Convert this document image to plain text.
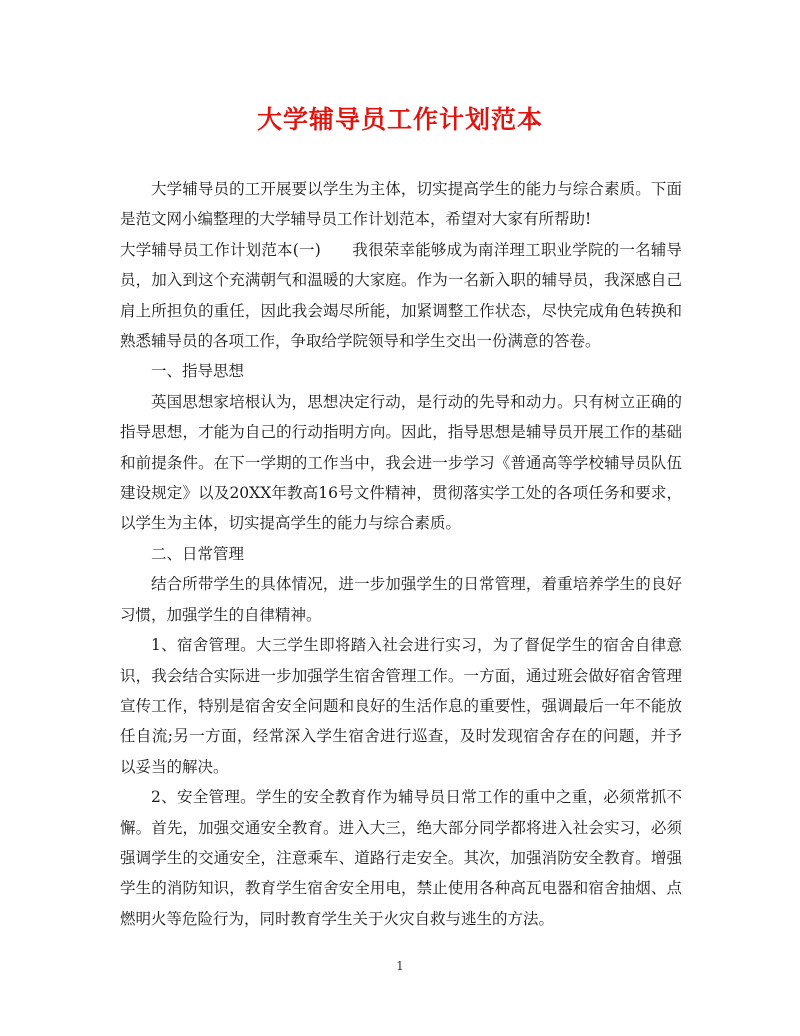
大学辅导员工作计划范本

大学辅导员的工开展要以学生为主体，切实提高学生的能力与综合素质。下面是范文网小编整理的大学辅导员工作计划范本，希望对大家有所帮助!

大学辅导员工作计划范本(一)　　我很荣幸能够成为南洋理工职业学院的一名辅导员，加入到这个充满朝气和温暖的大家庭。作为一名新入职的辅导员，我深感自己肩上所担负的重任，因此我会竭尽所能，加紧调整工作状态，尽快完成角色转换和熟悉辅导员的各项工作，争取给学院领导和学生交出一份满意的答卷。

一、指导思想

英国思想家培根认为，思想决定行动，是行动的先导和动力。只有树立正确的指导思想，才能为自己的行动指明方向。因此，指导思想是辅导员开展工作的基础和前提条件。在下一学期的工作当中，我会进一步学习《普通高等学校辅导员队伍建设规定》以及20XX年教高16号文件精神，贯彻落实学工处的各项任务和要求，以学生为主体，切实提高学生的能力与综合素质。

二、日常管理

结合所带学生的具体情况，进一步加强学生的日常管理，着重培养学生的良好习惯，加强学生的自律精神。

1、宿舍管理。大三学生即将踏入社会进行实习，为了督促学生的宿舍自律意识，我会结合实际进一步加强学生宿舍管理工作。一方面，通过班会做好宿舍管理宣传工作，特别是宿舍安全问题和良好的生活作息的重要性，强调最后一年不能放任自流;另一方面，经常深入学生宿舍进行巡查，及时发现宿舍存在的问题，并予以妥当的解决。

2、安全管理。学生的安全教育作为辅导员日常工作的重中之重，必须常抓不懈。首先，加强交通安全教育。进入大三，绝大部分同学都将进入社会实习，必须强调学生的交通安全，注意乘车、道路行走安全。其次，加强消防安全教育。增强学生的消防知识，教育学生宿舍安全用电，禁止使用各种高瓦电器和宿舍抽烟、点燃明火等危险行为，同时教育学生关于火灾自救与逃生的方法。

1
